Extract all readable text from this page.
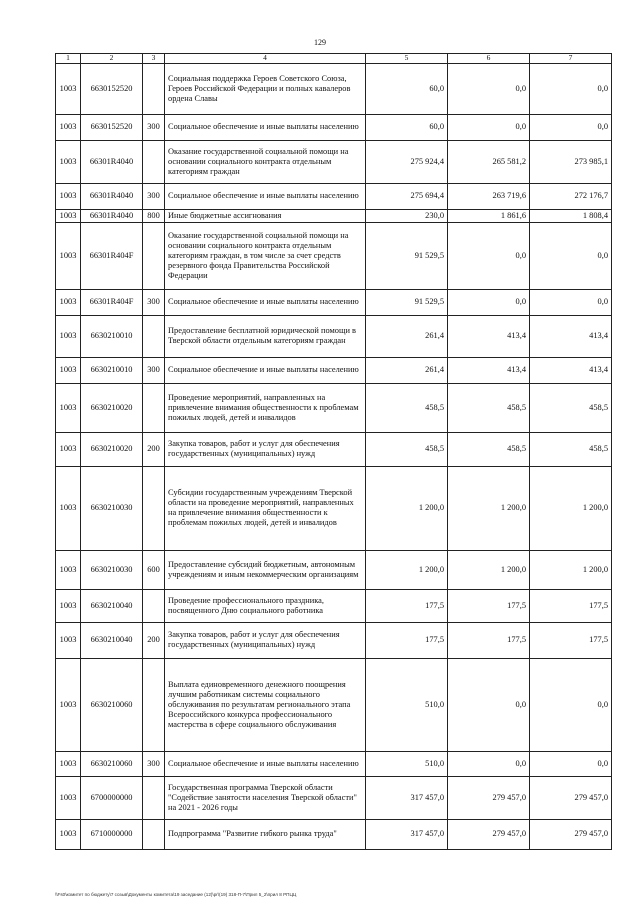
129
1	2	3	4	5	6	7
1003	6630152520		Социальная поддержка Героев Советского Союза, Героев Российской Федерации и полных кавалеров ордена Славы	60,0	0,0	0,0
1003	6630152520	300	Социальное обеспечение и иные выплаты населению	60,0	0,0	0,0
1003	66301R4040		Оказание государственной социальной помощи на основании социального контракта отдельным категориям граждан	275 924,4	265 581,2	273 985,1
1003	66301R4040	300	Социальное обеспечение и иные выплаты населению	275 694,4	263 719,6	272 176,7
1003	66301R4040	800	Иные бюджетные ассигнования	230,0	1 861,6	1 808,4
1003	66301R404F		Оказание государственной социальной помощи на основании социального контракта отдельным категориям граждан, в том числе за счет средств резервного фонда Правительства Российской Федерации	91 529,5	0,0	0,0
1003	66301R404F	300	Социальное обеспечение и иные выплаты населению	91 529,5	0,0	0,0
1003	6630210010		Предоставление бесплатной юридической помощи в Тверской области отдельным категориям граждан	261,4	413,4	413,4
1003	6630210010	300	Социальное обеспечение и иные выплаты населению	261,4	413,4	413,4
1003	6630210020		Проведение мероприятий, направленных на привлечение внимания общественности к проблемам пожилых людей, детей и инвалидов	458,5	458,5	458,5
1003	6630210020	200	Закупка товаров, работ и услуг для обеспечения государственных (муниципальных) нужд	458,5	458,5	458,5
1003	6630210030		Субсидии государственным учреждениям Тверской области на проведение мероприятий, направленных на привлечение внимания общественности к проблемам пожилых людей, детей и инвалидов	1 200,0	1 200,0	1 200,0
1003	6630210030	600	Предоставление субсидий бюджетным, автономным учреждениям и иным некоммерческим организациям	1 200,0	1 200,0	1 200,0
1003	6630210040		Проведение профессионального праздника, посвященного Дню социального работника	177,5	177,5	177,5
1003	6630210040	200	Закупка товаров, работ и услуг для обеспечения государственных (муниципальных) нужд	177,5	177,5	177,5
1003	6630210060		Выплата единовременного денежного поощрения лучшим работникам системы социального обслуживания по результатам регионального этапа Всероссийского конкурса профессионального мастерства в сфере социального обслуживания	510,0	0,0	0,0
1003	6630210060	300	Социальное обеспечение и иные выплаты населению	510,0	0,0	0,0
1003	6700000000		Государственная программа Тверской области "Содействие занятости населения Тверской области" на 2021 - 2026 годы	317 457,0	279 457,0	279 457,0
1003	6710000000		Подпрограмма "Развитие гибкого рынка труда"	317 457,0	279 457,0	279 457,0
\\Fs0\комитет по бюджету\7 созыв\Документы комитета\19 заседание (12)\pr\(19) 318-П-7\Прил 5_2\прил 8 РПЦЦ
